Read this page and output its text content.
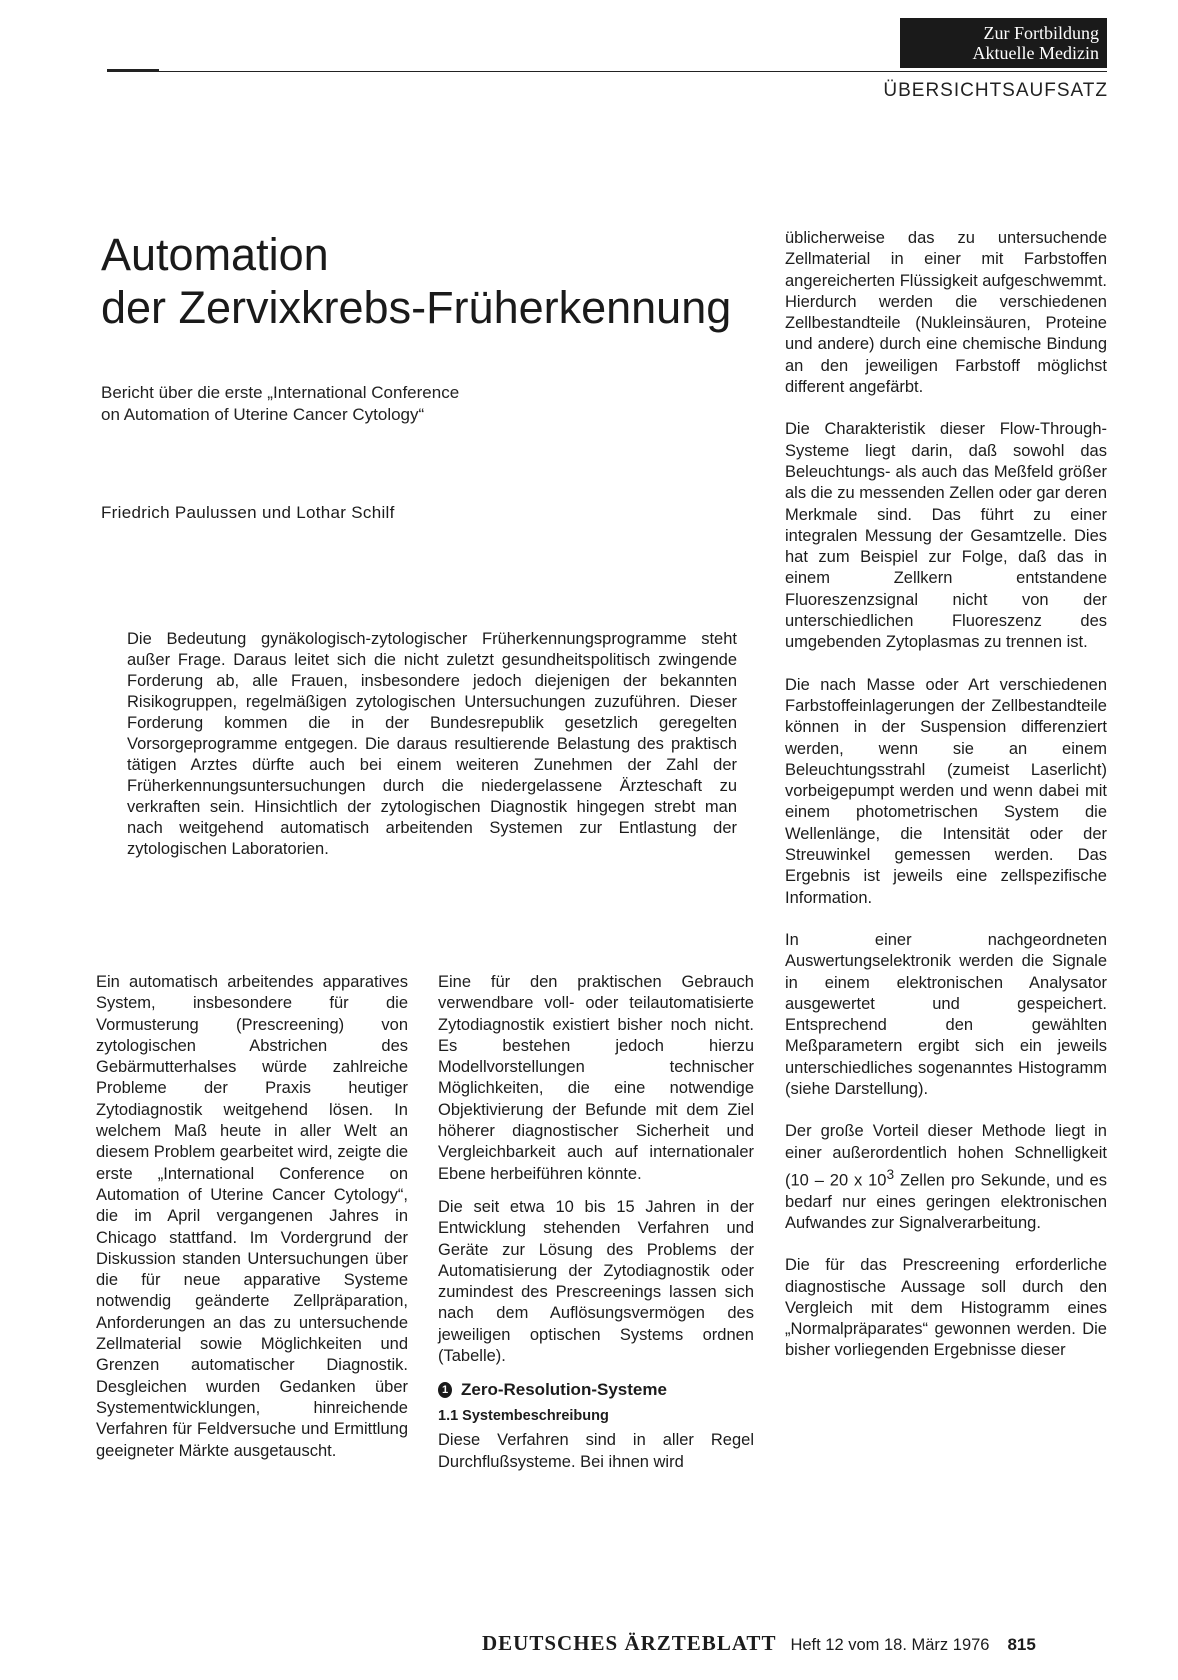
Zur Fortbildung
Aktuelle Medizin
ÜBERSICHTSAUFSATZ
Automation
der Zervixkrebs-Früherkennung
Bericht über die erste „International Conference
on Automation of Uterine Cancer Cytology“
Friedrich Paulussen und Lothar Schilf

Die Bedeutung gynäkologisch-zytologischer Früherkennungsprogramme steht außer Frage. Daraus leitet sich die nicht zuletzt gesundheitspolitisch zwingende Forderung ab, alle Frauen, insbesondere jedoch diejenigen der bekannten Risikogruppen, regelmäßigen zytologischen Untersuchungen zuzuführen. Dieser Forderung kommen die in der Bundesrepublik gesetzlich geregelten Vorsorgeprogramme entgegen. Die daraus resultierende Belastung des praktisch tätigen Arztes dürfte auch bei einem weiteren Zunehmen der Zahl der Früherkennungsuntersuchungen durch die niedergelassene Ärzteschaft zu verkraften sein. Hinsichtlich der zytologischen Diagnostik hingegen strebt man nach weitgehend automatisch arbeitenden Systemen zur Entlastung der zytologischen Laboratorien.

Ein automatisch arbeitendes apparatives System, insbesondere für die Vormusterung (Prescreening) von zytologischen Abstrichen des Gebärmutterhalses würde zahlreiche Probleme der Praxis heutiger Zytodiagnostik weitgehend lösen. In welchem Maß heute in aller Welt an diesem Problem gearbeitet wird, zeigte die erste „International Conference on Automation of Uterine Cancer Cytology“, die im April vergangenen Jahres in Chicago stattfand. Im Vordergrund der Diskussion standen Untersuchungen über die für neue apparative Systeme notwendig geänderte Zellpräparation, Anforderungen an das zu untersuchende Zellmaterial sowie Möglichkeiten und Grenzen automatischer Diagnostik. Desgleichen wurden Gedanken über Systementwicklungen, hinreichende Verfahren für Feldversuche und Ermittlung geeigneter Märkte ausgetauscht.

Eine für den praktischen Gebrauch verwendbare voll- oder teilautomatisierte Zytodiagnostik existiert bisher noch nicht. Es bestehen jedoch hierzu Modellvorstellungen technischer Möglichkeiten, die eine notwendige Objektivierung der Befunde mit dem Ziel höherer diagnostischer Sicherheit und Vergleichbarkeit auch auf internationaler Ebene herbeiführen könnte.

Die seit etwa 10 bis 15 Jahren in der Entwicklung stehenden Verfahren und Geräte zur Lösung des Problems der Automatisierung der Zytodiagnostik oder zumindest des Prescreenings lassen sich nach dem Auflösungsvermögen des jeweiligen optischen Systems ordnen (Tabelle).

1 Zero-Resolution-Systeme
1.1 Systembeschreibung

Diese Verfahren sind in aller Regel Durchflußsysteme. Bei ihnen wird

üblicherweise das zu untersuchende Zellmaterial in einer mit Farbstoffen angereicherten Flüssigkeit aufgeschwemmt. Hierdurch werden die verschiedenen Zellbestandteile (Nukleinsäuren, Proteine und andere) durch eine chemische Bindung an den jeweiligen Farbstoff möglichst different angefärbt.

Die Charakteristik dieser Flow-Through-Systeme liegt darin, daß sowohl das Beleuchtungs- als auch das Meßfeld größer als die zu messenden Zellen oder gar deren Merkmale sind. Das führt zu einer integralen Messung der Gesamtzelle. Dies hat zum Beispiel zur Folge, daß das in einem Zellkern entstandene Fluoreszenzsignal nicht von der unterschiedlichen Fluoreszenz des umgebenden Zytoplasmas zu trennen ist.

Die nach Masse oder Art verschiedenen Farbstoffeinlagerungen der Zellbestandteile können in der Suspension differenziert werden, wenn sie an einem Beleuchtungsstrahl (zumeist Laserlicht) vorbeigepumpt werden und wenn dabei mit einem photometrischen System die Wellenlänge, die Intensität oder der Streuwinkel gemessen werden. Das Ergebnis ist jeweils eine zellspezifische Information.

In einer nachgeordneten Auswertungselektronik werden die Signale in einem elektronischen Analysator ausgewertet und gespeichert. Entsprechend den gewählten Meßparametern ergibt sich ein jeweils unterschiedliches sogenanntes Histogramm (siehe Darstellung).

Der große Vorteil dieser Methode liegt in einer außerordentlich hohen Schnelligkeit (10 – 20 x $10^3$ Zellen pro Sekunde, und es bedarf nur eines geringen elektronischen Aufwandes zur Signalverarbeitung.

Die für das Prescreening erforderliche diagnostische Aussage soll durch den Vergleich mit dem Histogramm eines „Normalpräparates“ gewonnen werden. Die bisher vorliegenden Ergebnisse dieser

DEUTSCHES ÄRZTEBLATT Heft 12 vom 18. März 1976 815
